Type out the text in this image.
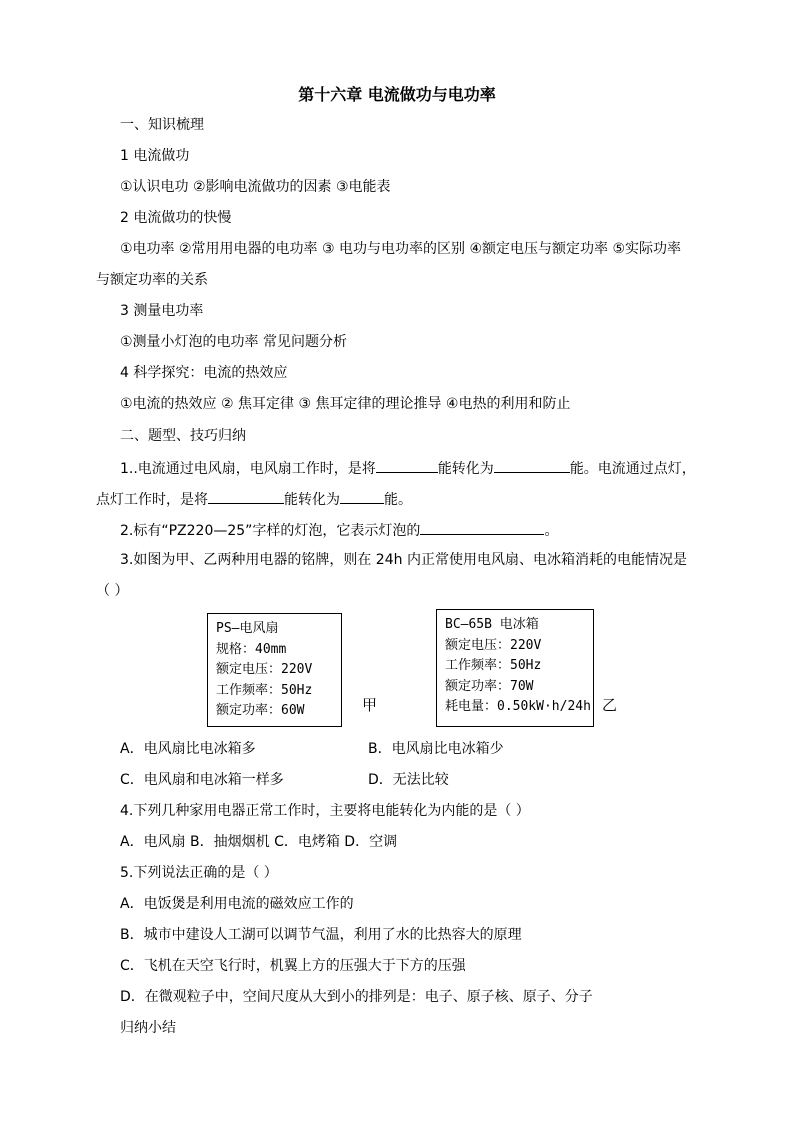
第十六章 电流做功与电功率
一、知识梳理
1 电流做功
①认识电功 ②影响电流做功的因素 ③电能表
2 电流做功的快慢
①电功率 ②常用用电器的电功率 ③ 电功与电功率的区别 ④额定电压与额定功率 ⑤实际功率
与额定功率的关系
3 测量电功率
①测量小灯泡的电功率 常见问题分析
4 科学探究：电流的热效应
①电流的热效应 ② 焦耳定律 ③ 焦耳定律的理论推导 ④电热的利用和防止
二、题型、技巧归纳
1..电流通过电风扇，电风扇工作时，是将	能转化为	能。电流通过点灯，
点灯工作时，是将	能转化为	能。
2.标有“PZ220—25”字样的灯泡，它表示灯泡的	。
3.如图为甲、乙两种用电器的铭牌，则在 24h 内正常使用电风扇、电冰箱消耗的电能情况是
（ ）
PS—电风扇
规格：40mm
额定电压：220V
工作频率：50Hz
额定功率：60W	甲
BC—65B 电冰箱
额定电压：220V
工作频率：50Hz
额定功率：70W
耗电量：0.50kW·h/24h 乙
A．电风扇比电冰箱多	B．电风扇比电冰箱少
C．电风扇和电冰箱一样多	D．无法比较
4.下列几种家用电器正常工作时，主要将电能转化为内能的是（ ）
A．电风扇 B．抽烟烟机 C．电烤箱 D．空调
5.下列说法正确的是（ ）
A．电饭煲是利用电流的磁效应工作的
B．城市中建设人工湖可以调节气温，利用了水的比热容大的原理
C．飞机在天空飞行时，机翼上方的压强大于下方的压强
D．在微观粒子中，空间尺度从大到小的排列是：电子、原子核、原子、分子
归纳小结
